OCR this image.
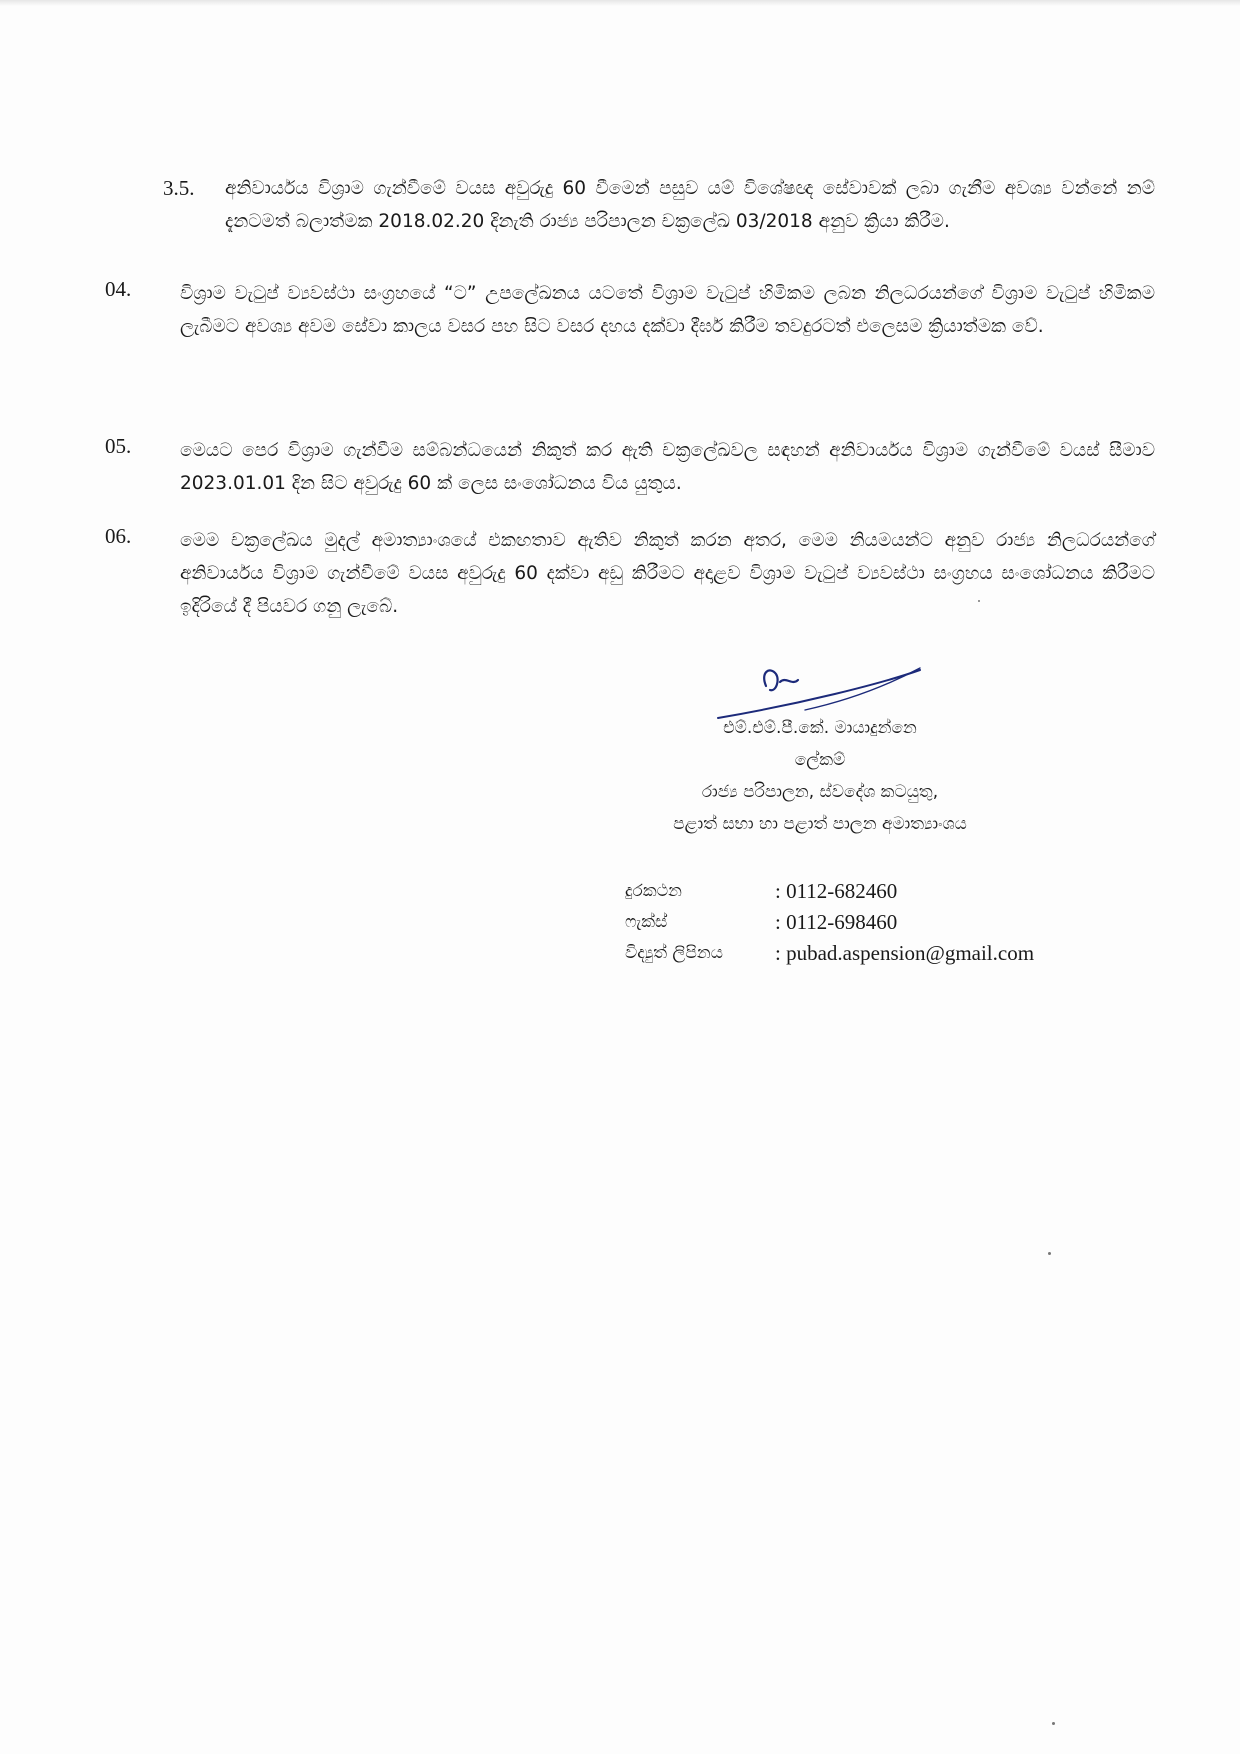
3.5. අනිවාර්යය විශ්‍රාම ගැන්වීමේ වයස අවුරුදු 60 වීමෙන් පසුව යම් විශේෂඥ සේවාවක් ලබා ගැනීම අවශ්‍ය වන්නේ නම් දැනටමත් බලාත්මක 2018.02.20 දිනැති රාජ්‍ය පරිපාලන චක්‍රලේඛ 03/2018 අනුව ක්‍රියා කිරීම.
04.	විශ්‍රාම වැටුප් ව්‍යවස්ථා සංග්‍රහයේ “ට” උපලේඛනය යටතේ විශ්‍රාම වැටුප් හිමිකම ලබන නිලධරයන්ගේ විශ්‍රාම වැටුප් හිමිකම ලැබීමට අවශ්‍ය අවම සේවා කාලය වසර පහ සිට වසර දහය දක්වා දීර්ඝ කිරීම තවදුරටත් එලෙසම ක්‍රියාත්මක වේ.
05.	මෙයට පෙර විශ්‍රාම ගැන්වීම සම්බන්ධයෙන් නිකුත් කර ඇති චක්‍රලේඛවල සඳහන් අනිවාර්යය විශ්‍රාම ගැන්වීමේ වයස් සීමාව 2023.01.01 දින සිට අවුරුදු 60 ක් ලෙස සංශෝධනය විය යුතුය.
06.	මෙම චක්‍රලේඛය මුදල් අමාත්‍යාංශයේ එකඟතාව ඇතිව නිකුත් කරන අතර, මෙම නියමයන්ට අනුව රාජ්‍ය නිලධරයන්ගේ අනිවාර්යය විශ්‍රාම ගැන්වීමේ වයස අවුරුදු 60 දක්වා අඩු කිරීමට අදාළව විශ්‍රාම වැටුප් ව්‍යවස්ථා සංග්‍රහය සංශෝධනය කිරීමට ඉදිරියේ දී පියවර ගනු ලැබේ.
එම්.එම්.පී.කේ. මායාදුන්නෙ
ලේකම්
රාජ්‍ය පරිපාලන, ස්වදේශ කටයුතු,
පළාත් සභා හා පළාත් පාලන අමාත්‍යාංශය
දුරකථන	: 0112-682460
ෆැක්ස්	: 0112-698460
විද්‍යුත් ලිපිනය : pubad.aspension@gmail.com
